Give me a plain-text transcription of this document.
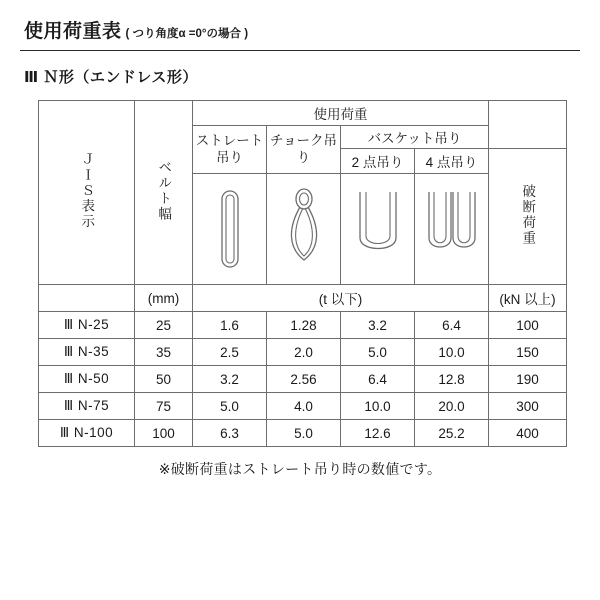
使用荷重表 ( つり角度α =0°の場合 )
Ⅲ Ｎ形（エンドレス形）
ＪＩＳ表示	ベルト幅	使用荷重				
		ストレート吊り	チョーク吊り	バスケット吊り		
				2 点吊り	4 点吊り	破断荷重

	(mm)	(t 以下)				(kN 以上)
Ⅲ N-25	25	1.6	1.28	3.2	6.4	100
Ⅲ N-35	35	2.5	2.0	5.0	10.0	150
Ⅲ N-50	50	3.2	2.56	6.4	12.8	190
Ⅲ N-75	75	5.0	4.0	10.0	20.0	300
Ⅲ N-100	100	6.3	5.0	12.6	25.2	400
※破断荷重はストレート吊り時の数値です。
